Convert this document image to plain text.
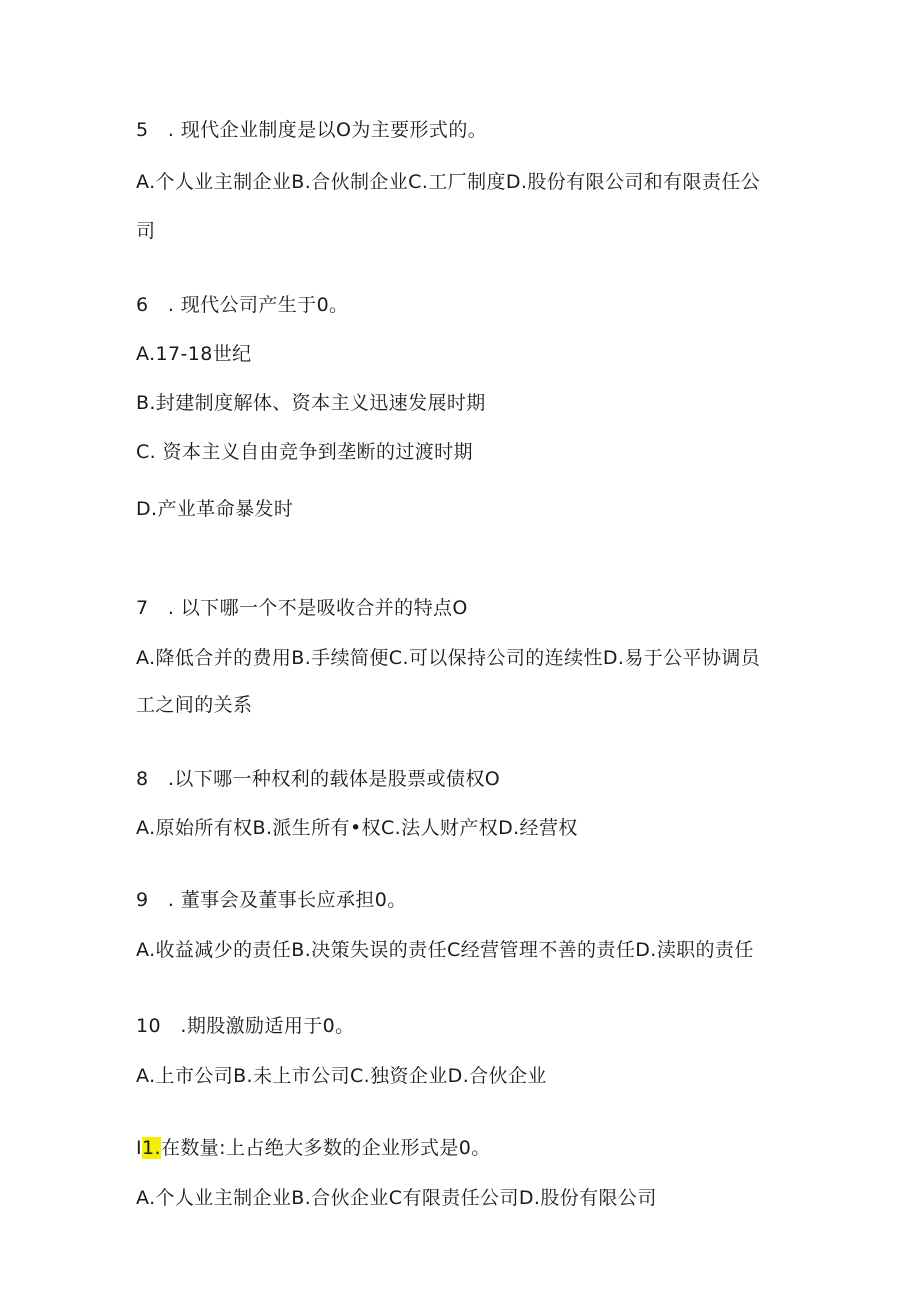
5　. 现代企业制度是以O为主要形式的。
A.个人业主制企业B.合伙制企业C.工厂制度D.股份有限公司和有限责任公
司
6　. 现代公司产生于0。
A.17-18世纪
B.封建制度解体、资本主义迅速发展时期
C. 资本主义自由竞争到垄断的过渡时期
D.产业革命暴发时
7　. 以下哪一个不是吸收合并的特点O
A.降低合并的费用B.手续简便C.可以保持公司的连续性D.易于公平协调员
工之间的关系
8　.以下哪一种权利的载体是股票或债权O
A.原始所有权B.派生所有•权C.法人财产权D.经营权
9　. 董事会及董事长应承担0。
A.收益减少的责任B.决策失误的责任C经营管理不善的责任D.渎职的责任
10　.期股激励适用于0。
A.上市公司B.未上市公司C.独资企业D.合伙企业
I1.在数量:上占绝大多数的企业形式是0。
A.个人业主制企业B.合伙企业C有限责任公司D.股份有限公司
